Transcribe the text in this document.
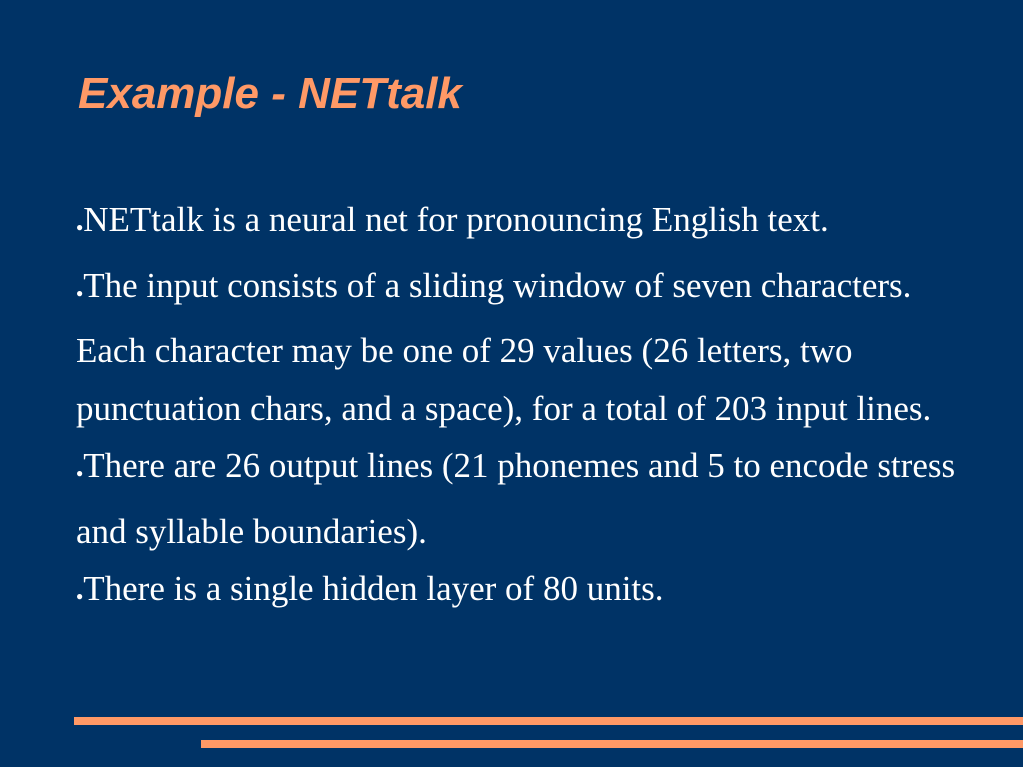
Example - NETtalk
●NETtalk is a neural net for pronouncing English text.
●The input consists of a sliding window of seven characters. Each character may be one of 29 values (26 letters, two punctuation chars, and a space), for a total of 203 input lines.
●There are 26 output lines (21 phonemes and 5 to encode stress and syllable boundaries).
●There is a single hidden layer of 80 units.
